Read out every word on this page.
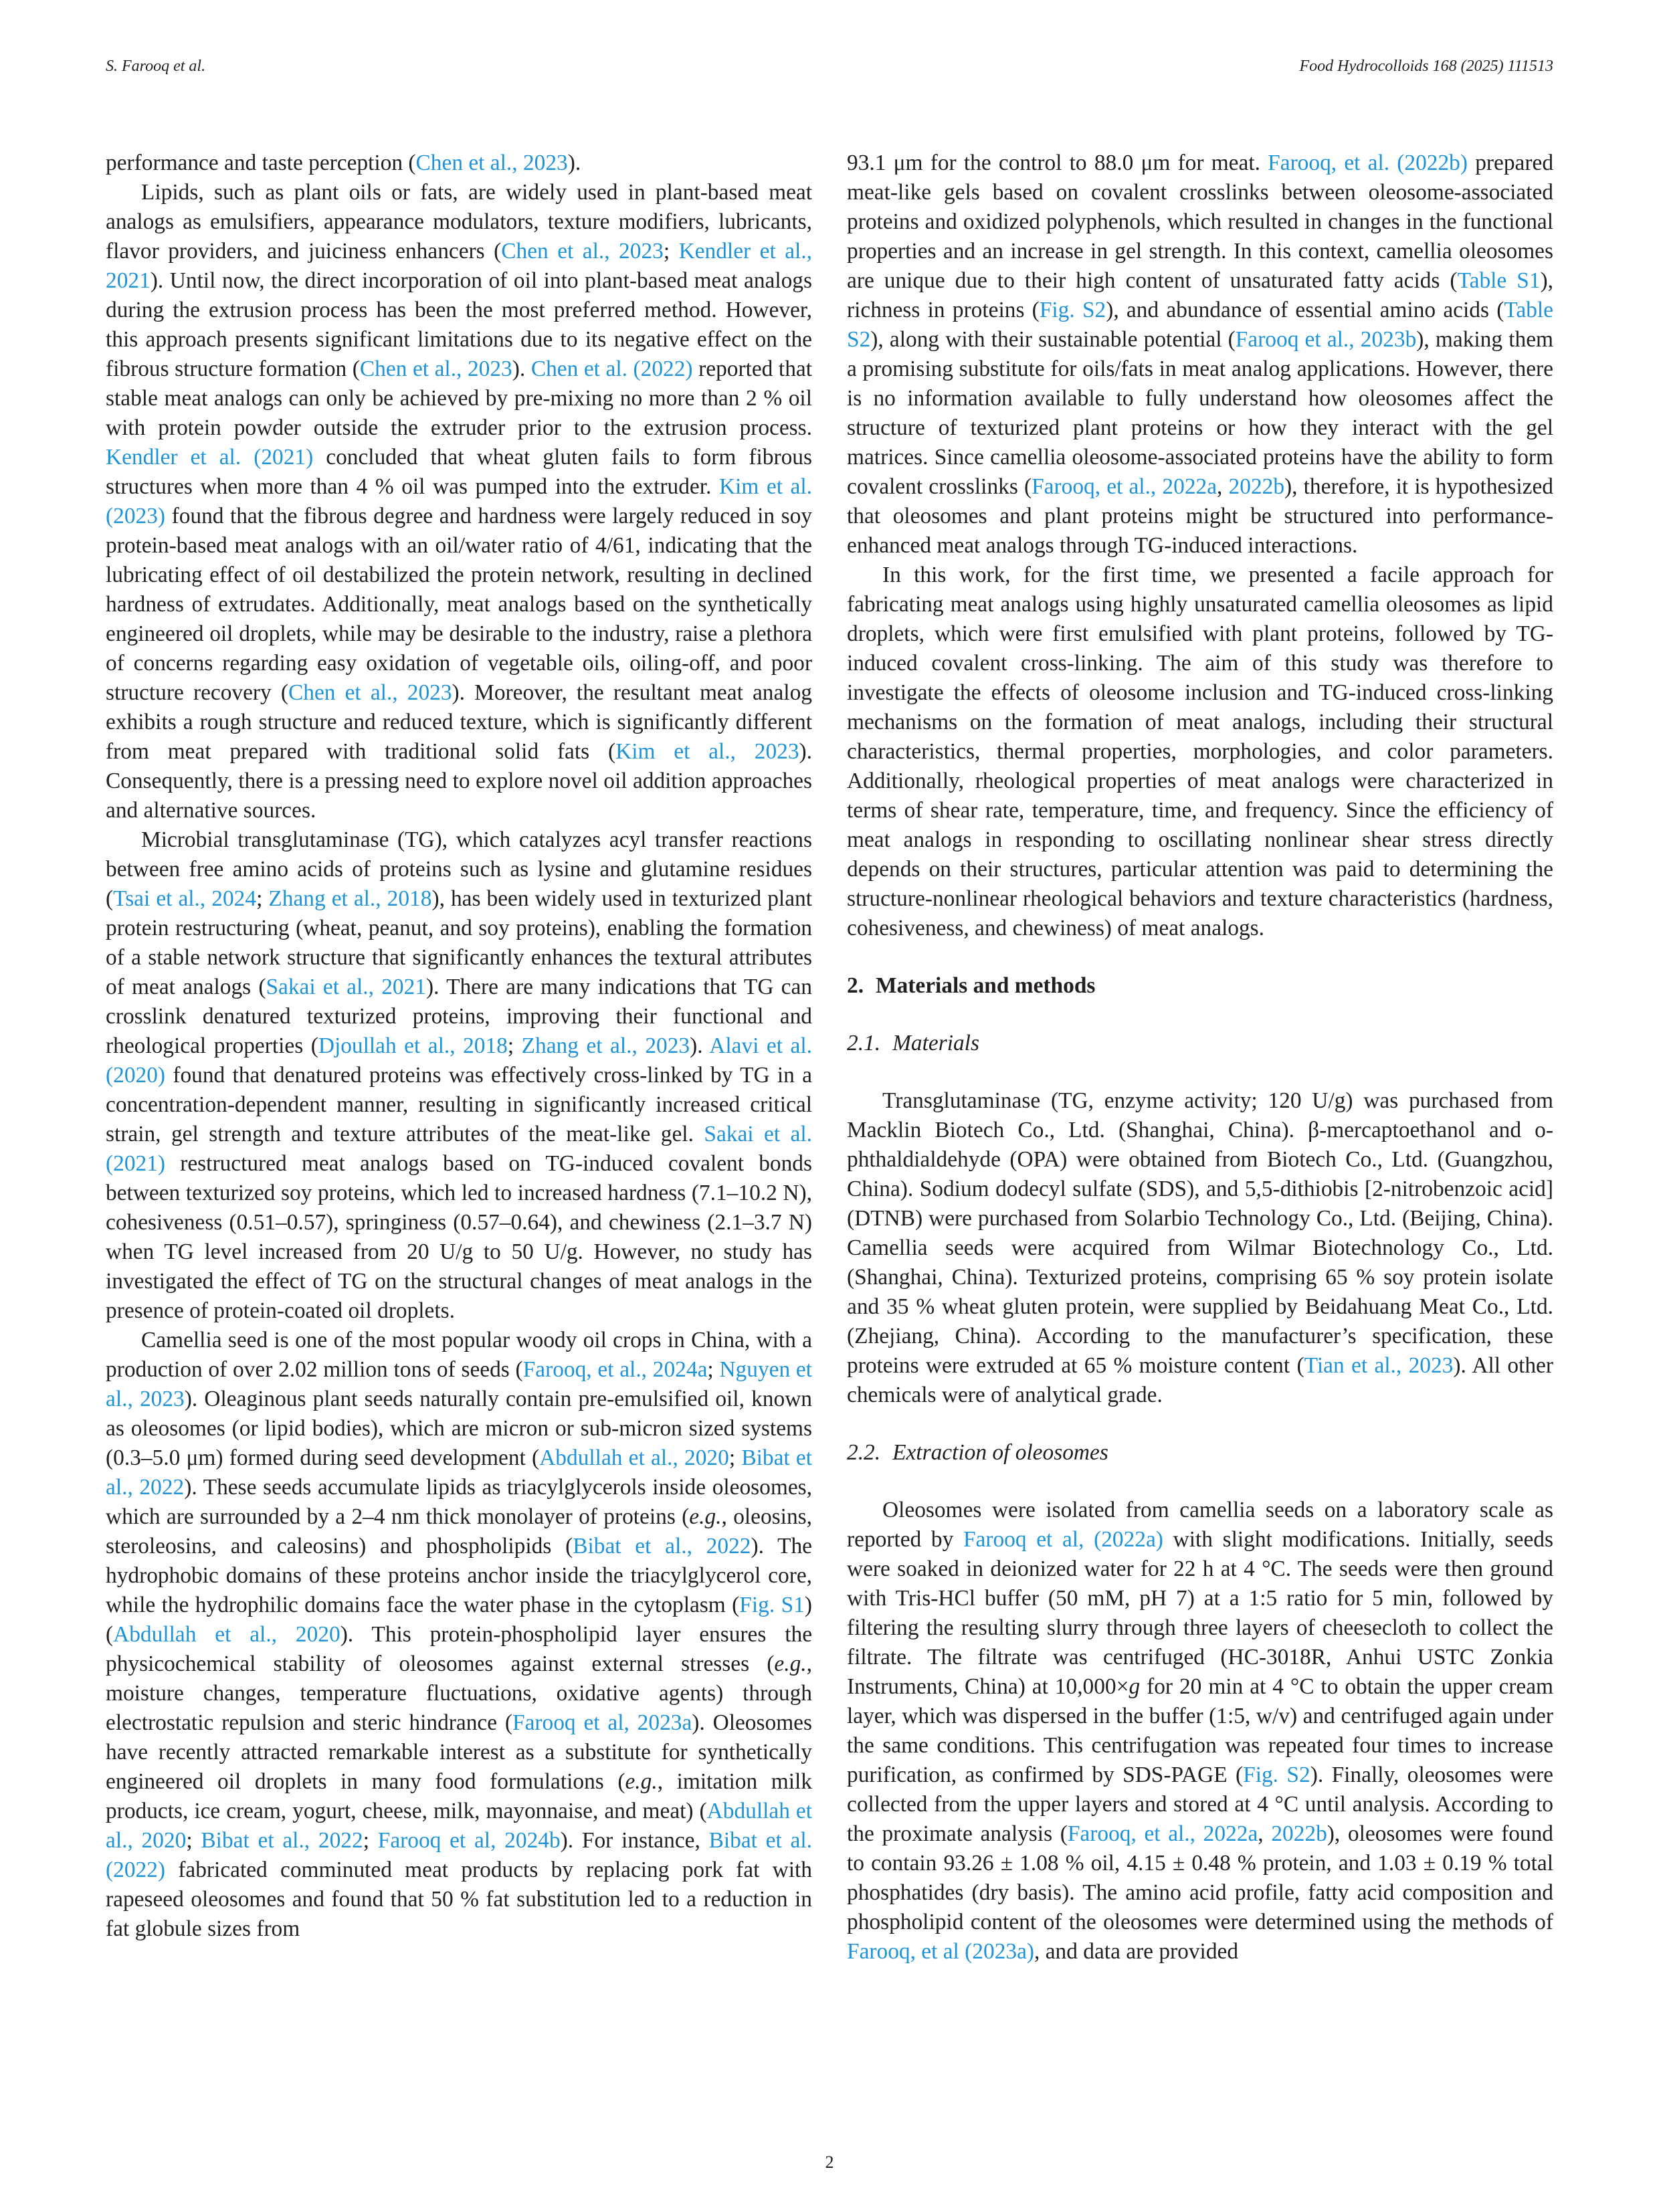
S. Farooq et al.	Food Hydrocolloids 168 (2025) 111513

performance and taste perception (Chen et al., 2023).

Lipids, such as plant oils or fats, are widely used in plant-based meat analogs as emulsifiers, appearance modulators, texture modifiers, lubricants, flavor providers, and juiciness enhancers (Chen et al., 2023; Kendler et al., 2021). Until now, the direct incorporation of oil into plant-based meat analogs during the extrusion process has been the most preferred method. However, this approach presents significant limitations due to its negative effect on the fibrous structure formation (Chen et al., 2023). Chen et al. (2022) reported that stable meat analogs can only be achieved by pre-mixing no more than 2 % oil with protein powder outside the extruder prior to the extrusion process. Kendler et al. (2021) concluded that wheat gluten fails to form fibrous structures when more than 4 % oil was pumped into the extruder. Kim et al. (2023) found that the fibrous degree and hardness were largely reduced in soy protein-based meat analogs with an oil/water ratio of 4/61, indicating that the lubricating effect of oil destabilized the protein network, resulting in declined hardness of extrudates. Additionally, meat analogs based on the synthetically engineered oil droplets, while may be desirable to the industry, raise a plethora of concerns regarding easy oxidation of vegetable oils, oiling-off, and poor structure recovery (Chen et al., 2023). Moreover, the resultant meat analog exhibits a rough structure and reduced texture, which is significantly different from meat prepared with traditional solid fats (Kim et al., 2023). Consequently, there is a pressing need to explore novel oil addition approaches and alternative sources.

Microbial transglutaminase (TG), which catalyzes acyl transfer reactions between free amino acids of proteins such as lysine and glutamine residues (Tsai et al., 2024; Zhang et al., 2018), has been widely used in texturized plant protein restructuring (wheat, peanut, and soy proteins), enabling the formation of a stable network structure that significantly enhances the textural attributes of meat analogs (Sakai et al., 2021). There are many indications that TG can crosslink denatured texturized proteins, improving their functional and rheological properties (Djoullah et al., 2018; Zhang et al., 2023). Alavi et al. (2020) found that denatured proteins was effectively cross-linked by TG in a concentration-dependent manner, resulting in significantly increased critical strain, gel strength and texture attributes of the meat-like gel. Sakai et al. (2021) restructured meat analogs based on TG-induced covalent bonds between texturized soy proteins, which led to increased hardness (7.1–10.2 N), cohesiveness (0.51–0.57), springiness (0.57–0.64), and chewiness (2.1–3.7 N) when TG level increased from 20 U/g to 50 U/g. However, no study has investigated the effect of TG on the structural changes of meat analogs in the presence of protein-coated oil droplets.

Camellia seed is one of the most popular woody oil crops in China, with a production of over 2.02 million tons of seeds (Farooq, et al., 2024a; Nguyen et al., 2023). Oleaginous plant seeds naturally contain pre-emulsified oil, known as oleosomes (or lipid bodies), which are micron or sub-micron sized systems (0.3–5.0 μm) formed during seed development (Abdullah et al., 2020; Bibat et al., 2022). These seeds accumulate lipids as triacylglycerols inside oleosomes, which are surrounded by a 2–4 nm thick monolayer of proteins (e.g., oleosins, steroleosins, and caleosins) and phospholipids (Bibat et al., 2022). The hydrophobic domains of these proteins anchor inside the triacylglycerol core, while the hydrophilic domains face the water phase in the cytoplasm (Fig. S1) (Abdullah et al., 2020). This protein-phospholipid layer ensures the physicochemical stability of oleosomes against external stresses (e.g., moisture changes, temperature fluctuations, oxidative agents) through electrostatic repulsion and steric hindrance (Farooq et al, 2023a). Oleosomes have recently attracted remarkable interest as a substitute for synthetically engineered oil droplets in many food formulations (e.g., imitation milk products, ice cream, yogurt, cheese, milk, mayonnaise, and meat) (Abdullah et al., 2020; Bibat et al., 2022; Farooq et al, 2024b). For instance, Bibat et al. (2022) fabricated comminuted meat products by replacing pork fat with rapeseed oleosomes and found that 50 % fat substitution led to a reduction in fat globule sizes from

93.1 μm for the control to 88.0 μm for meat. Farooq, et al. (2022b) prepared meat-like gels based on covalent crosslinks between oleosome-associated proteins and oxidized polyphenols, which resulted in changes in the functional properties and an increase in gel strength. In this context, camellia oleosomes are unique due to their high content of unsaturated fatty acids (Table S1), richness in proteins (Fig. S2), and abundance of essential amino acids (Table S2), along with their sustainable potential (Farooq et al., 2023b), making them a promising substitute for oils/fats in meat analog applications. However, there is no information available to fully understand how oleosomes affect the structure of texturized plant proteins or how they interact with the gel matrices. Since camellia oleosome-associated proteins have the ability to form covalent crosslinks (Farooq, et al., 2022a, 2022b), therefore, it is hypothesized that oleosomes and plant proteins might be structured into performance-enhanced meat analogs through TG-induced interactions.

In this work, for the first time, we presented a facile approach for fabricating meat analogs using highly unsaturated camellia oleosomes as lipid droplets, which were first emulsified with plant proteins, followed by TG-induced covalent cross-linking. The aim of this study was therefore to investigate the effects of oleosome inclusion and TG-induced cross-linking mechanisms on the formation of meat analogs, including their structural characteristics, thermal properties, morphologies, and color parameters. Additionally, rheological properties of meat analogs were characterized in terms of shear rate, temperature, time, and frequency. Since the efficiency of meat analogs in responding to oscillating nonlinear shear stress directly depends on their structures, particular attention was paid to determining the structure-nonlinear rheological behaviors and texture characteristics (hardness, cohesiveness, and chewiness) of meat analogs.

2. Materials and methods
2.1. Materials

Transglutaminase (TG, enzyme activity; 120 U/g) was purchased from Macklin Biotech Co., Ltd. (Shanghai, China). β-mercaptoethanol and o-phthaldialdehyde (OPA) were obtained from Biotech Co., Ltd. (Guangzhou, China). Sodium dodecyl sulfate (SDS), and 5,5-dithiobis [2-nitrobenzoic acid] (DTNB) were purchased from Solarbio Technology Co., Ltd. (Beijing, China). Camellia seeds were acquired from Wilmar Biotechnology Co., Ltd. (Shanghai, China). Texturized proteins, comprising 65 % soy protein isolate and 35 % wheat gluten protein, were supplied by Beidahuang Meat Co., Ltd. (Zhejiang, China). According to the manufacturer’s specification, these proteins were extruded at 65 % moisture content (Tian et al., 2023). All other chemicals were of analytical grade.

2.2. Extraction of oleosomes

Oleosomes were isolated from camellia seeds on a laboratory scale as reported by Farooq et al, (2022a) with slight modifications. Initially, seeds were soaked in deionized water for 22 h at 4 °C. The seeds were then ground with Tris-HCl buffer (50 mM, pH 7) at a 1:5 ratio for 5 min, followed by filtering the resulting slurry through three layers of cheesecloth to collect the filtrate. The filtrate was centrifuged (HC-3018R, Anhui USTC Zonkia Instruments, China) at 10,000×g for 20 min at 4 °C to obtain the upper cream layer, which was dispersed in the buffer (1:5, w/v) and centrifuged again under the same conditions. This centrifugation was repeated four times to increase purification, as confirmed by SDS-PAGE (Fig. S2). Finally, oleosomes were collected from the upper layers and stored at 4 °C until analysis. According to the proximate analysis (Farooq, et al., 2022a, 2022b), oleosomes were found to contain 93.26 ± 1.08 % oil, 4.15 ± 0.48 % protein, and 1.03 ± 0.19 % total phosphatides (dry basis). The amino acid profile, fatty acid composition and phospholipid content of the oleosomes were determined using the methods of Farooq, et al (2023a), and data are provided

2
